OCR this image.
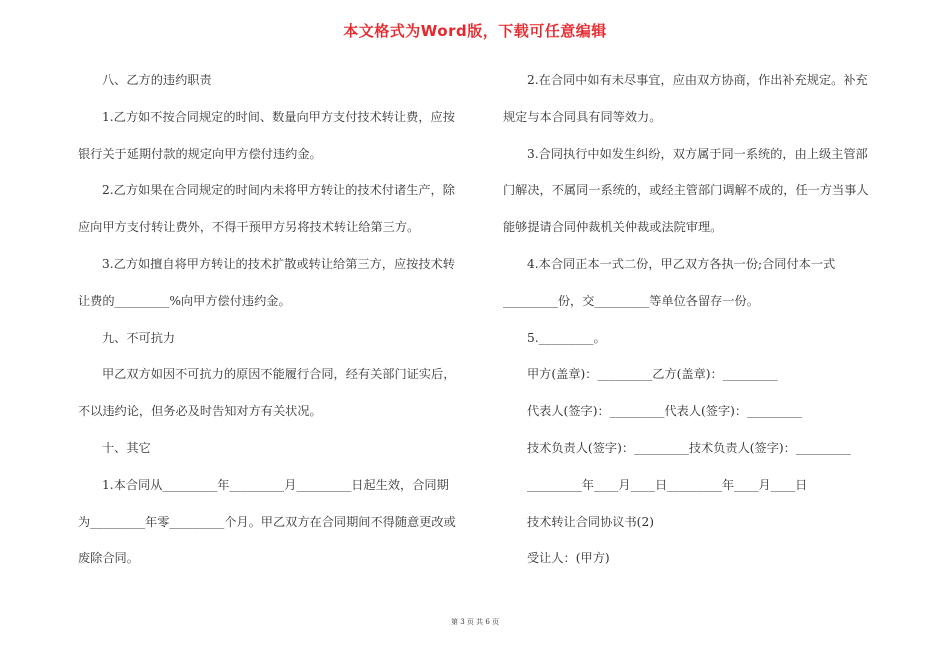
本文格式为Word版，下载可任意编辑

八、乙方的违约职责

1.乙方如不按合同规定的时间、数量向甲方支付技术转让费，应按

银行关于延期付款的规定向甲方偿付违约金。

2.乙方如果在合同规定的时间内未将甲方转让的技术付诸生产，除

应向甲方支付转让费外，不得干预甲方另将技术转让给第三方。

3.乙方如擅自将甲方转让的技术扩散或转让给第三方，应按技术转

让费的_________%向甲方偿付违约金。

九、不可抗力

甲乙双方如因不可抗力的原因不能履行合同，经有关部门证实后，

不以违约论，但务必及时告知对方有关状况。

十、其它

1.本合同从_________年_________月_________日起生效，合同期

为_________年零_________个月。甲乙双方在合同期间不得随意更改或

废除合同。

2.在合同中如有未尽事宜，应由双方协商，作出补充规定。补充

规定与本合同具有同等效力。

3.合同执行中如发生纠纷，双方属于同一系统的，由上级主管部

门解决，不属同一系统的，或经主管部门调解不成的，任一方当事人

能够提请合同仲裁机关仲裁或法院审理。

4.本合同正本一式二份，甲乙双方各执一份;合同付本一式

_________份，交_________等单位各留存一份。

5._________。

甲方(盖章)：_________乙方(盖章)：_________

代表人(签字)：_________代表人(签字)：_________

技术负责人(签字)：_________技术负责人(签字)：_________

_________年____月____日_________年____月____日

技术转让合同协议书(2)

受让人：(甲方)

第 3 页 共 6 页
